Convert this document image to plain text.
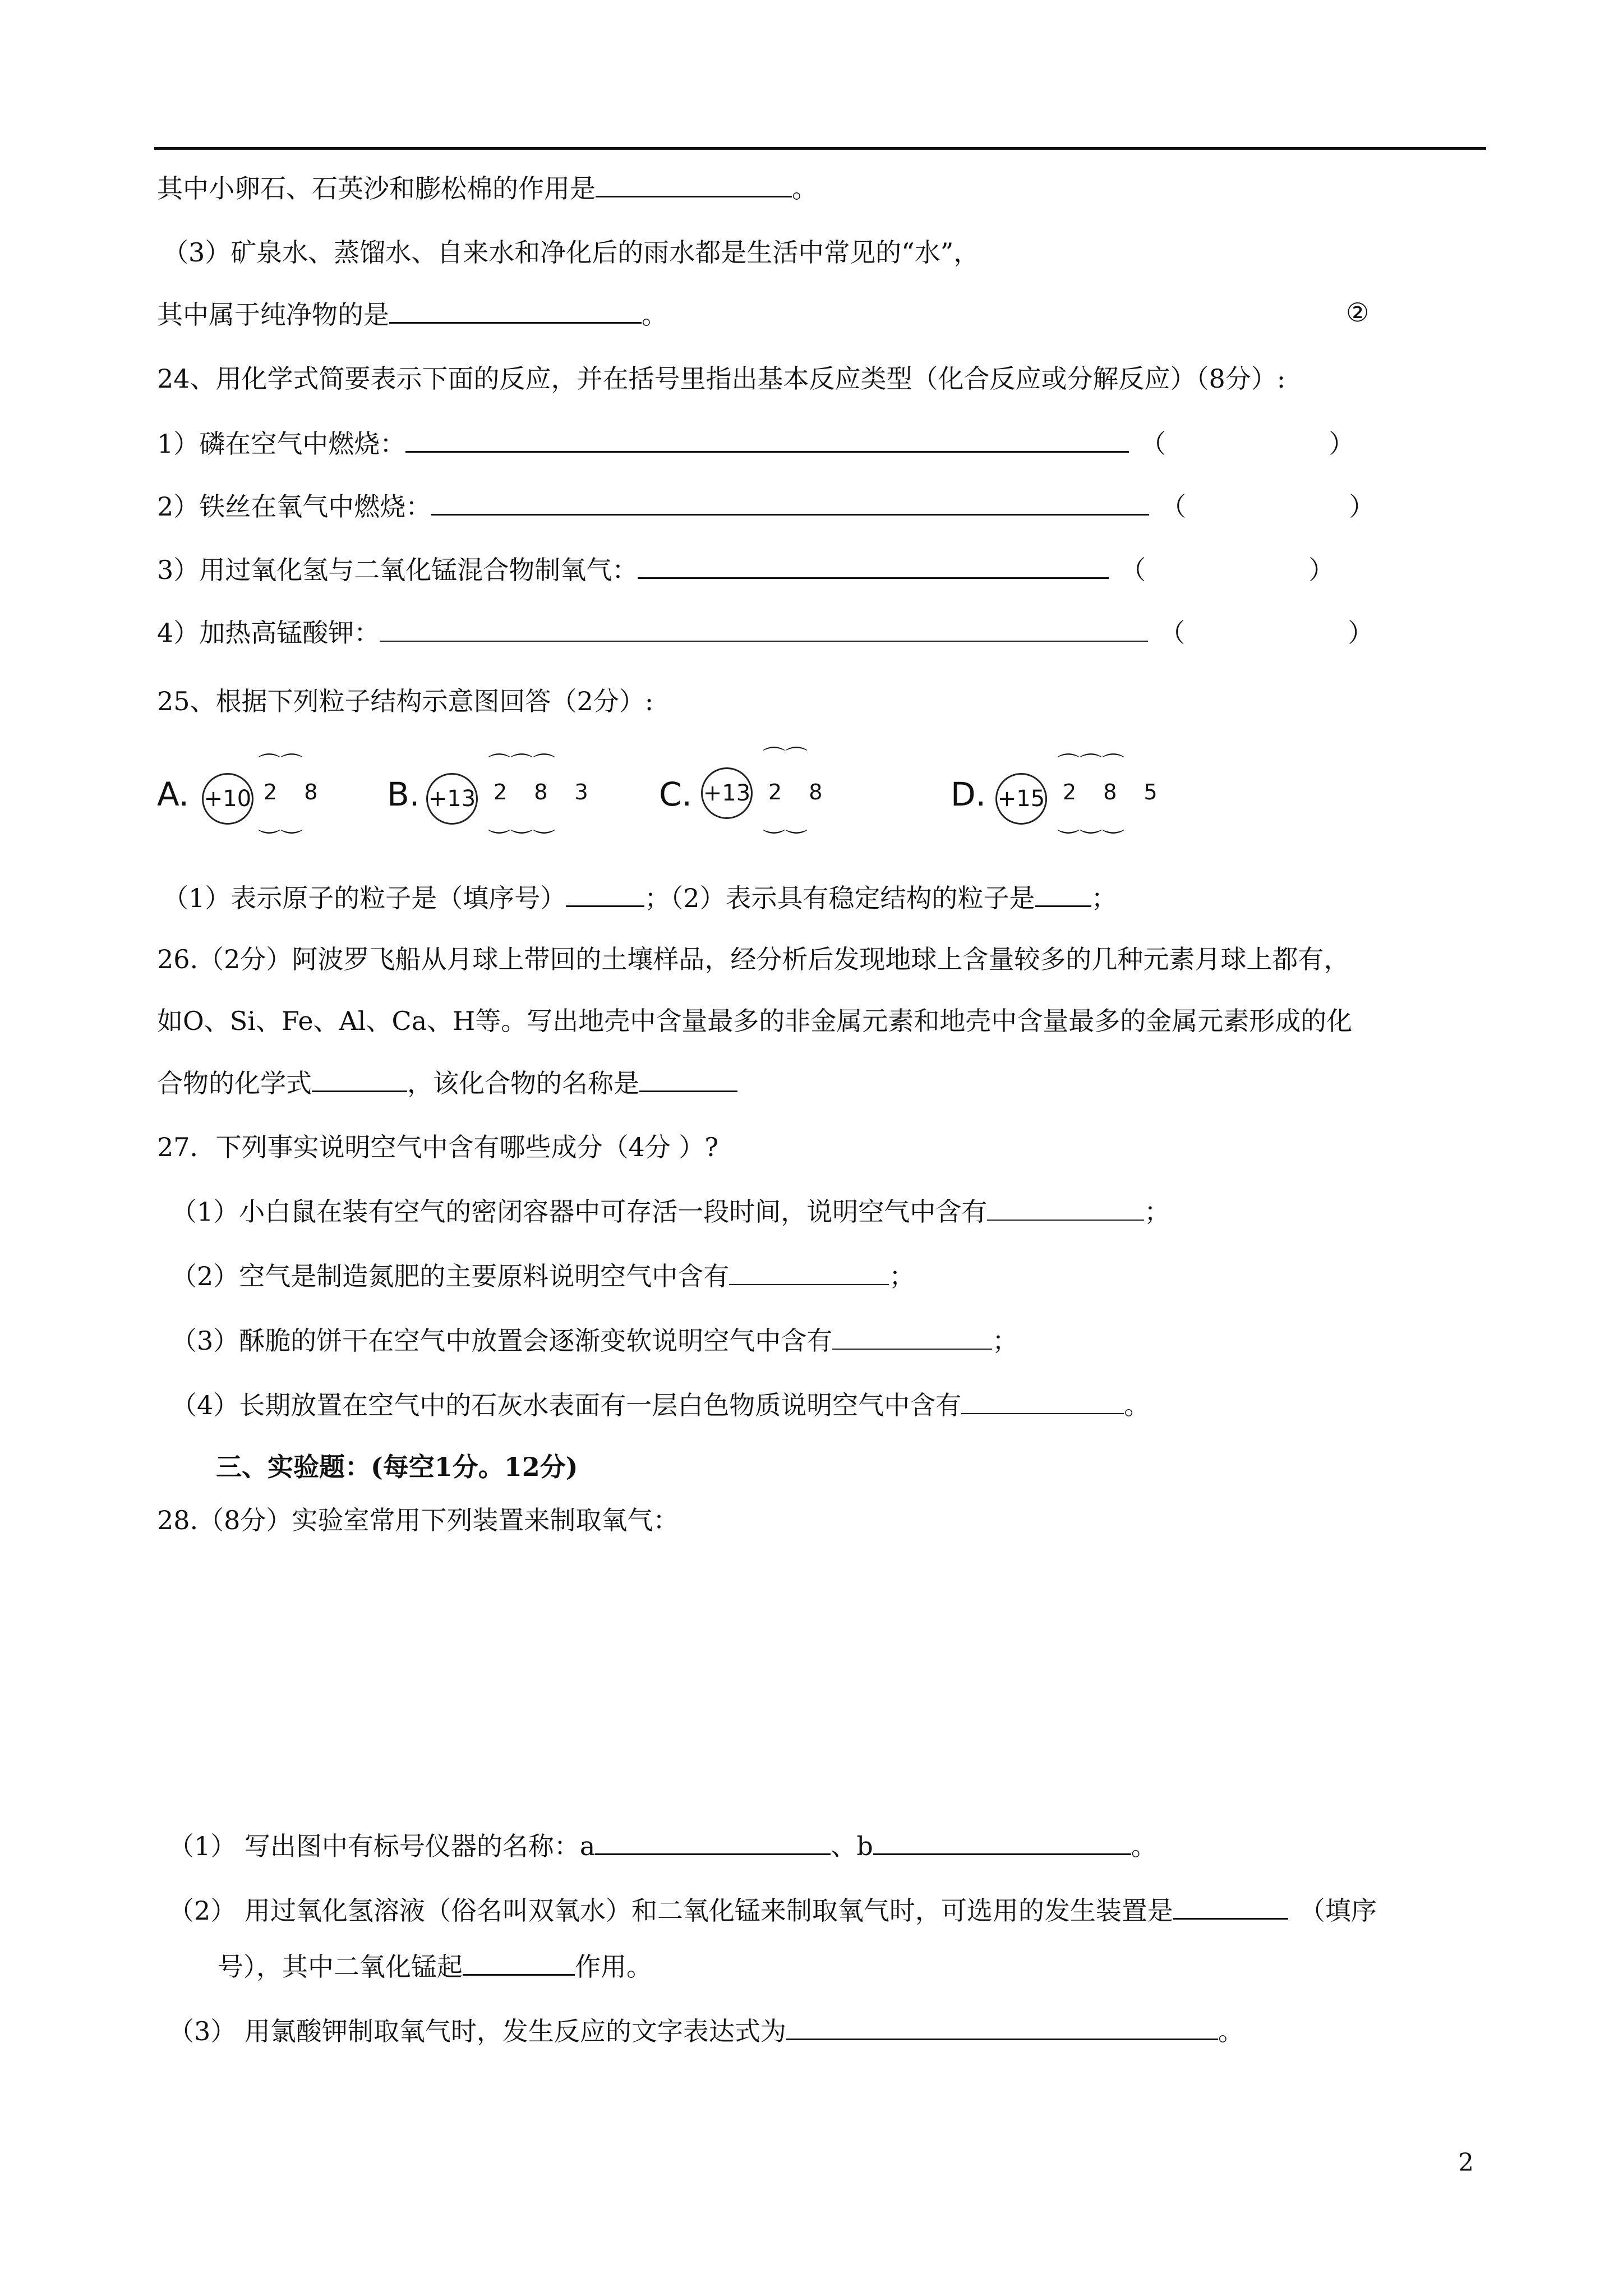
其中小卵石、石英沙和膨松棉的作用是	。
（3）矿泉水、蒸馏水、自来水和净化后的雨水都是生活中常见的“水”，
其中属于纯净物的是	。	②
24、用化学式简要表示下面的反应，并在括号里指出基本反应类型（化合反应或分解反应）（8分）:
1）磷在空气中燃烧：	（	）
2）铁丝在氧气中燃烧：	（	）
3）用过氧化氢与二氧化锰混合物制氧气：	（	）
4）加热高锰酸钾：	（	）
25、根据下列粒子结构示意图回答（2分）:
A. +10 2 8
⌒⌒
⌒⌒
B. +13 2 8 3
⌒⌒⌒
⌒⌒⌒
C. +13 2 8
⌒⌒
⌒⌒
D. +15 2 8 5
⌒⌒⌒
⌒⌒⌒
（1）表示原子的粒子是（填序号）	；（2）表示具有稳定结构的粒子是 ；
26.（2分）阿波罗飞船从月球上带回的土壤样品，经分析后发现地球上含量较多的几种元素月球上都有，
如O、Si、Fe、Al、Ca、H等。写出地壳中含量最多的非金属元素和地壳中含量最多的金属元素形成的化
合物的化学式	，该化合物的名称是
27．下列事实说明空气中含有哪些成分（4分 ）?
（1）小白鼠在装有空气的密闭容器中可存活一段时间，说明空气中含有	；
（2）空气是制造氮肥的主要原料说明空气中含有	；
（3）酥脆的饼干在空气中放置会逐渐变软说明空气中含有	；
（4）长期放置在空气中的石灰水表面有一层白色物质说明空气中含有	。
三、实验题：(每空1分。12分)
28.（8分）实验室常用下列装置来制取氧气：
（1） 写出图中有标号仪器的名称：a	、b	。
（2） 用过氧化氢溶液（俗名叫双氧水）和二氧化锰来制取氧气时，可选用的发生装置是	（填序
号），其中二氧化锰起	作用。
（3） 用氯酸钾制取氧气时，发生反应的文字表达式为	。
2
